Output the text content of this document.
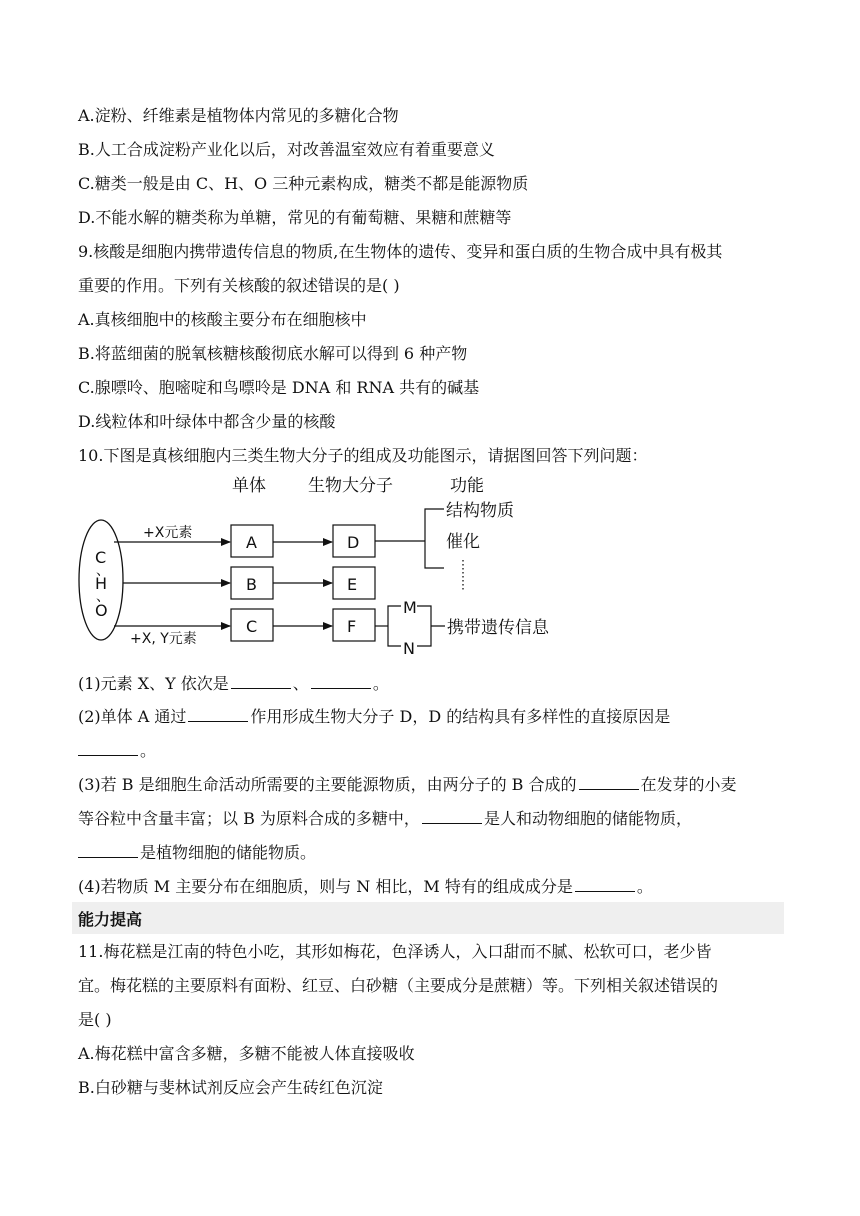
A.淀粉、纤维素是植物体内常见的多糖化合物
B.人工合成淀粉产业化以后，对改善温室效应有着重要意义
C.糖类一般是由 C、H、O 三种元素构成，糖类不都是能源物质
D.不能水解的糖类称为单糖，常见的有葡萄糖、果糖和蔗糖等
9.核酸是细胞内携带遗传信息的物质,在生物体的遗传、变异和蛋白质的生物合成中具有极其
重要的作用。下列有关核酸的叙述错误的是( )
A.真核细胞中的核酸主要分布在细胞核中
B.将蓝细菌的脱氧核糖核酸彻底水解可以得到 6 种产物
C.腺嘌呤、胞嘧啶和鸟嘌呤是 DNA 和 RNA 共有的碱基
D.线粒体和叶绿体中都含少量的核酸
10.下图是真核细胞内三类生物大分子的组成及功能图示，请据图回答下列问题：
单体 生物大分子	功能
C
、
H
、
O
+X元素
+X, Y元素
A
B
C
D
E
F
结构物质
催化
M
N
携带遗传信息
(1)元素 X、Y 依次是	、	。
(2)单体 A 通过	作用形成生物大分子 D，D 的结构具有多样性的直接原因是
。
(3)若 B 是细胞生命活动所需要的主要能源物质，由两分子的 B 合成的	在发芽的小麦
等谷粒中含量丰富；以 B 为原料合成的多糖中，	是人和动物细胞的储能物质，
是植物细胞的储能物质。
(4)若物质 M 主要分布在细胞质，则与 N 相比，M 特有的组成成分是	。
能力提高
11.梅花糕是江南的特色小吃，其形如梅花，色泽诱人，入口甜而不腻、松软可口，老少皆
宜。梅花糕的主要原料有面粉、红豆、白砂糖（主要成分是蔗糖）等。下列相关叙述错误的
是( )
A.梅花糕中富含多糖，多糖不能被人体直接吸收
B.白砂糖与斐林试剂反应会产生砖红色沉淀
